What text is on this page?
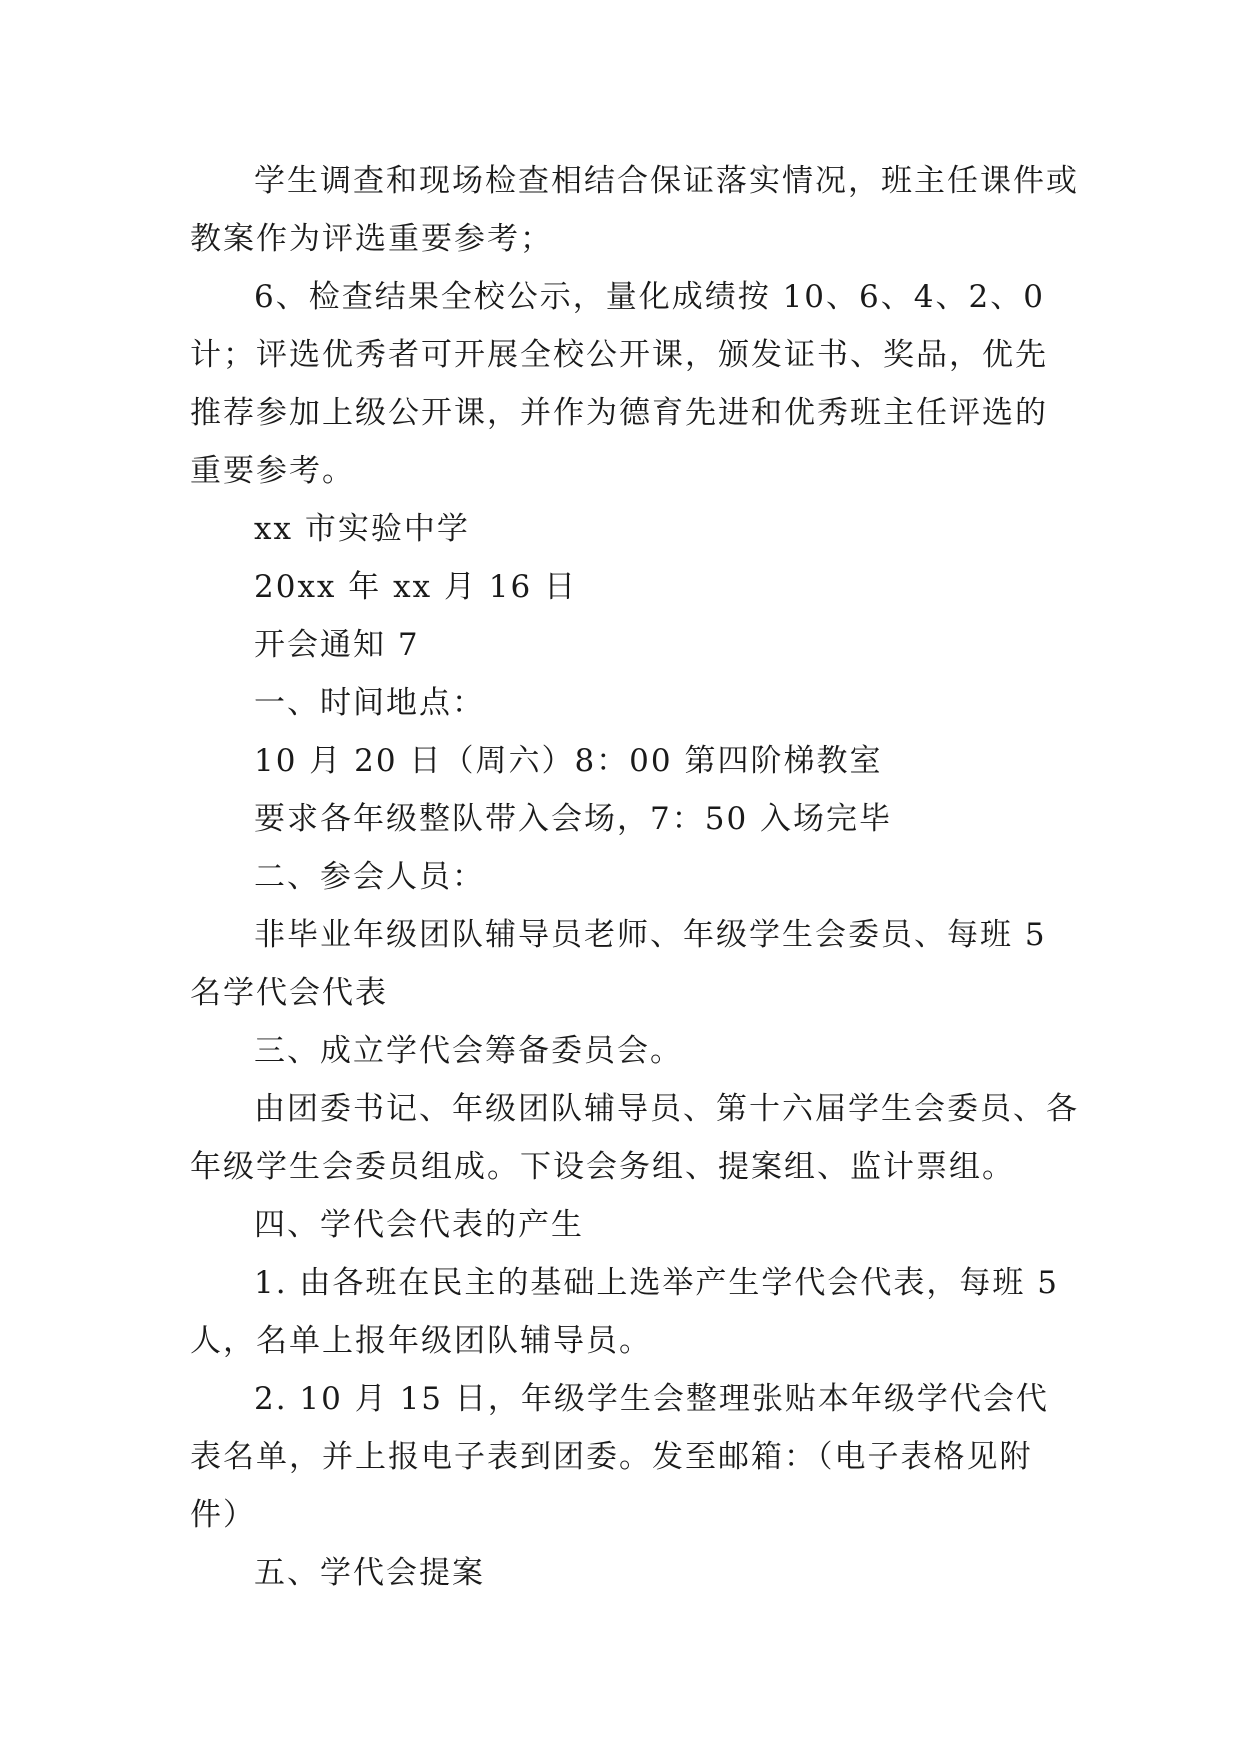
学生调查和现场检查相结合保证落实情况，班主任课件或教案作为评选重要参考；

6、检查结果全校公示，量化成绩按 10、6、4、2、0 计；评选优秀者可开展全校公开课，颁发证书、奖品，优先推荐参加上级公开课，并作为德育先进和优秀班主任评选的重要参考。

xx 市实验中学

20xx 年 xx 月 16 日

开会通知 7

一、时间地点：

10 月 20 日（周六）8：00 第四阶梯教室

要求各年级整队带入会场，7：50 入场完毕

二、参会人员：

非毕业年级团队辅导员老师、年级学生会委员、每班 5 名学代会代表

三、成立学代会筹备委员会。

由团委书记、年级团队辅导员、第十六届学生会委员、各年级学生会委员组成。下设会务组、提案组、监计票组。

四、学代会代表的产生

1. 由各班在民主的基础上选举产生学代会代表，每班 5 人，名单上报年级团队辅导员。

2. 10 月 15 日，年级学生会整理张贴本年级学代会代表名单，并上报电子表到团委。发至邮箱：（电子表格见附件）

五、学代会提案
